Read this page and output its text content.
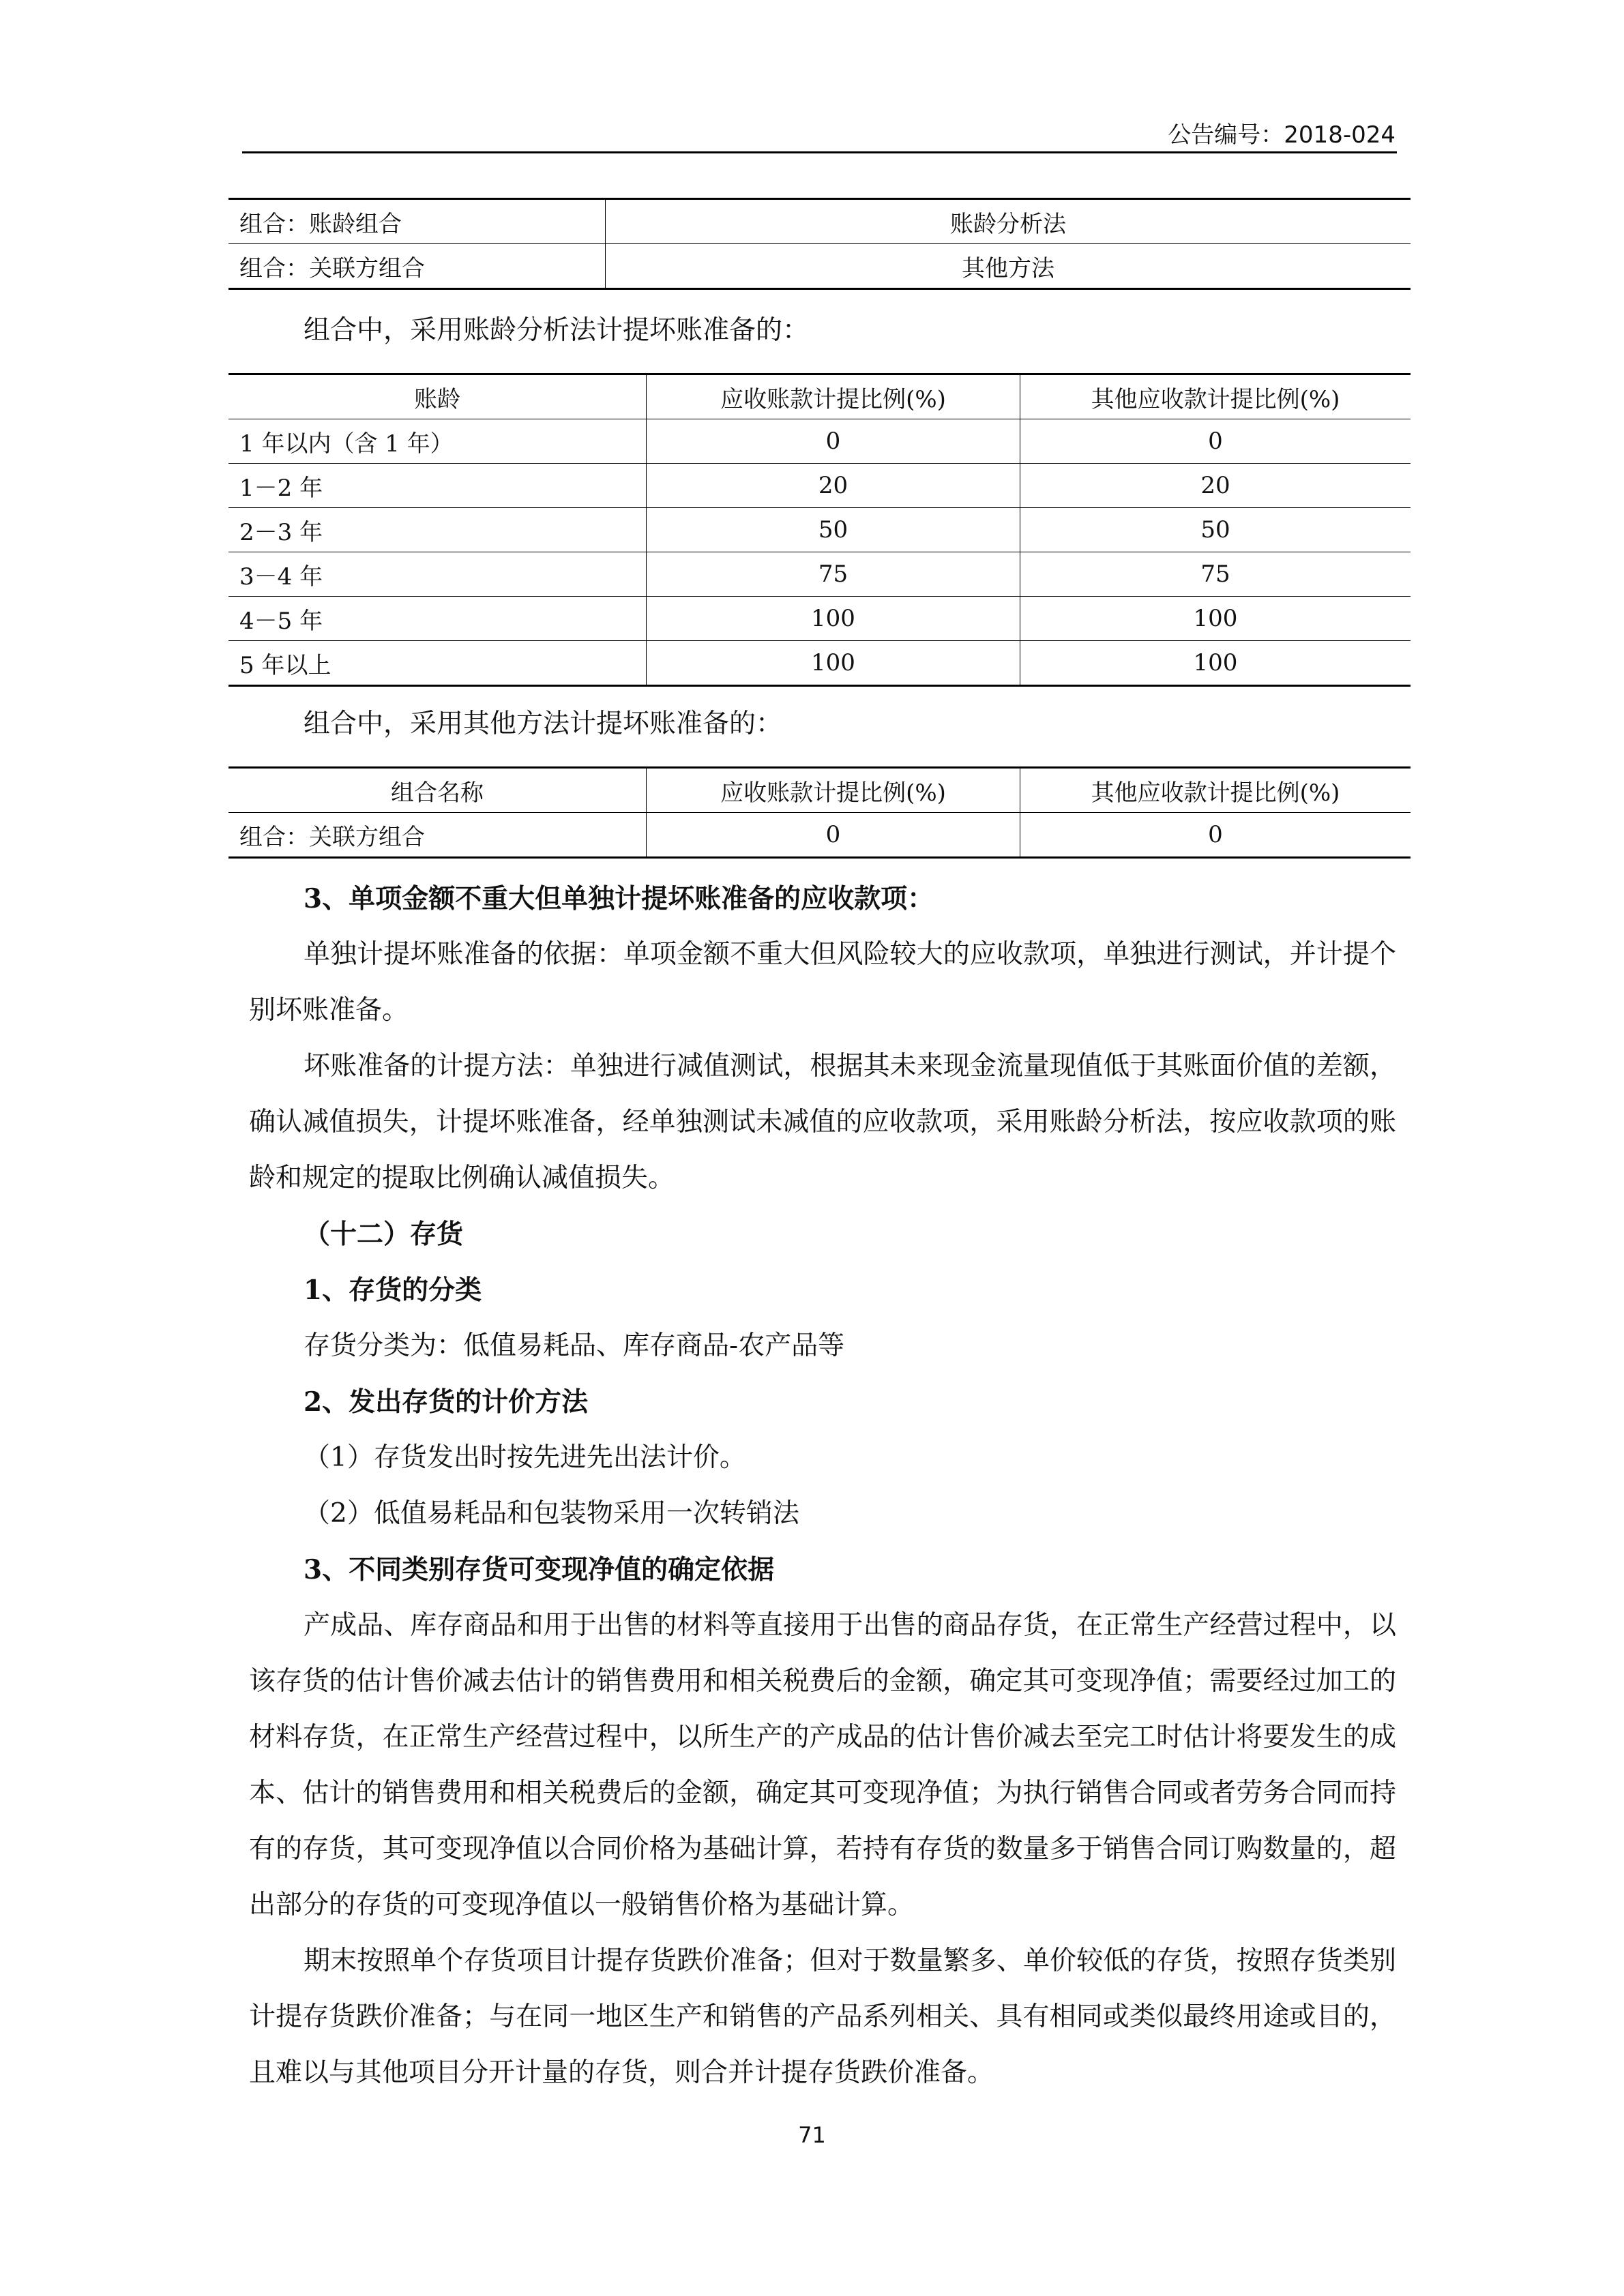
公告编号：2018-024
组合：账龄组合	账龄分析法
组合：关联方组合	其他方法
组合中，采用账龄分析法计提坏账准备的：
账龄	应收账款计提比例(%)	其他应收款计提比例(%)
1 年以内（含 1 年）	0	0
1－2 年	20	20
2－3 年	50	50
3－4 年	75	75
4－5 年	100	100
5 年以上	100	100
组合中，采用其他方法计提坏账准备的：
组合名称	应收账款计提比例(%)	其他应收款计提比例(%)
组合：关联方组合	0	0
3、单项金额不重大但单独计提坏账准备的应收款项：
单独计提坏账准备的依据：单项金额不重大但风险较大的应收款项，单独进行测试，并计提个别坏账准备。
坏账准备的计提方法：单独进行减值测试，根据其未来现金流量现值低于其账面价值的差额，确认减值损失，计提坏账准备，经单独测试未减值的应收款项，采用账龄分析法，按应收款项的账龄和规定的提取比例确认减值损失。
（十二）存货
1、存货的分类
存货分类为：低值易耗品、库存商品-农产品等
2、发出存货的计价方法
（1）存货发出时按先进先出法计价。
（2）低值易耗品和包装物采用一次转销法
3、不同类别存货可变现净值的确定依据
产成品、库存商品和用于出售的材料等直接用于出售的商品存货，在正常生产经营过程中，以该存货的估计售价减去估计的销售费用和相关税费后的金额，确定其可变现净值；需要经过加工的材料存货，在正常生产经营过程中，以所生产的产成品的估计售价减去至完工时估计将要发生的成本、估计的销售费用和相关税费后的金额，确定其可变现净值；为执行销售合同或者劳务合同而持有的存货，其可变现净值以合同价格为基础计算，若持有存货的数量多于销售合同订购数量的，超出部分的存货的可变现净值以一般销售价格为基础计算。
期末按照单个存货项目计提存货跌价准备；但对于数量繁多、单价较低的存货，按照存货类别计提存货跌价准备；与在同一地区生产和销售的产品系列相关、具有相同或类似最终用途或目的，且难以与其他项目分开计量的存货，则合并计提存货跌价准备。
71
